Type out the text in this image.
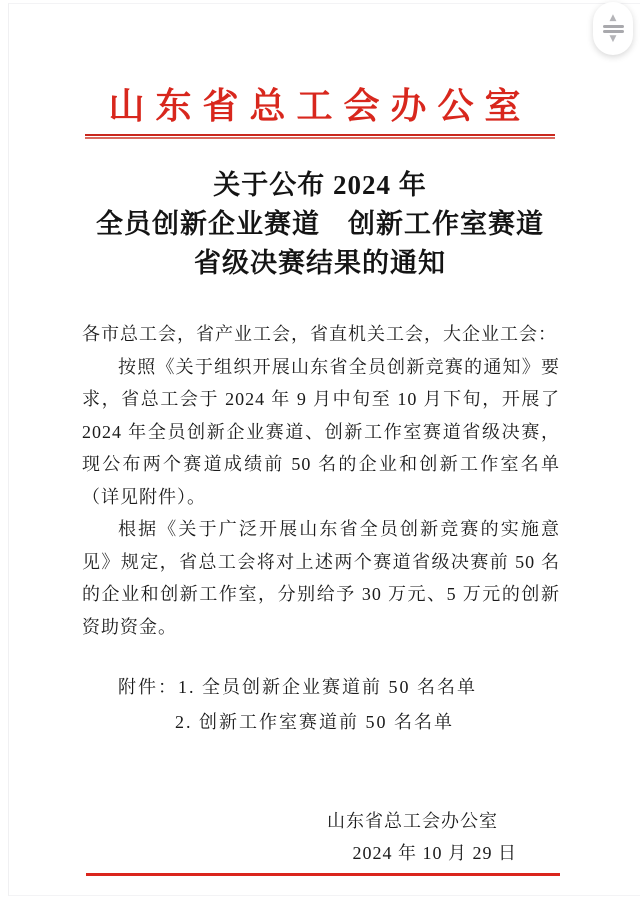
▲
▼
山东省总工会办公室
关于公布 2024 年
全员创新企业赛道　创新工作室赛道
省级决赛结果的通知

各市总工会，省产业工会，省直机关工会，大企业工会：

按照《关于组织开展山东省全员创新竞赛的通知》要求，省总工会于 2024 年 9 月中旬至 10 月下旬，开展了 2024 年全员创新企业赛道、创新工作室赛道省级决赛，现公布两个赛道成绩前 50 名的企业和创新工作室名单（详见附件）。

根据《关于广泛开展山东省全员创新竞赛的实施意见》规定，省总工会将对上述两个赛道省级决赛前 50 名的企业和创新工作室，分别给予 30 万元、5 万元的创新资助资金。

附件：1. 全员创新企业赛道前 50 名名单
2. 创新工作室赛道前 50 名名单
山东省总工会办公室
2024 年 10 月 29 日
